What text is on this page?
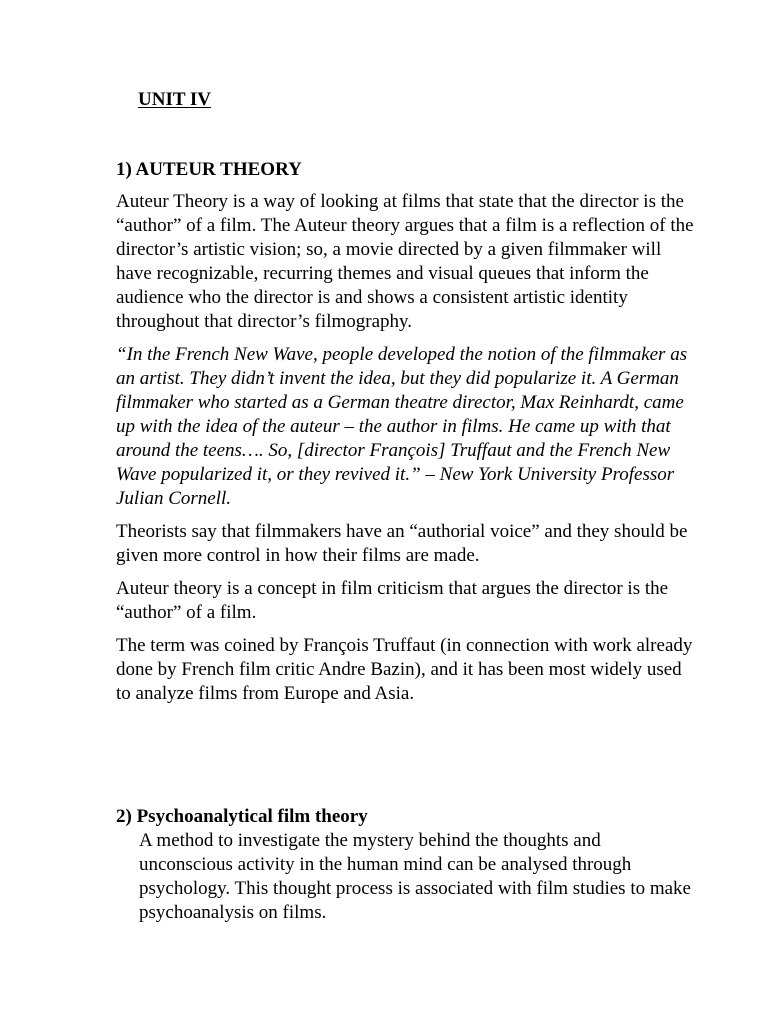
UNIT IV
1) AUTEUR THEORY

Auteur Theory is a way of looking at films that state that the director is the “author” of a film. The Auteur theory argues that a film is a reflection of the director’s artistic vision; so, a movie directed by a given filmmaker will have recognizable, recurring themes and visual queues that inform the audience who the director is and shows a consistent artistic identity throughout that director’s filmography.

“In the French New Wave, people developed the notion of the filmmaker as an artist. They didn’t invent the idea, but they did popularize it. A German filmmaker who started as a German theatre director, Max Reinhardt, came up with the idea of the auteur – the author in films. He came up with that around the teens…. So, [director François] Truffaut and the French New Wave popularized it, or they revived it.” – New York University Professor Julian Cornell.

Theorists say that filmmakers have an “authorial voice” and they should be given more control in how their films are made.

Auteur theory is a concept in film criticism that argues the director is the “author” of a film.

The term was coined by François Truffaut (in connection with work already done by French film critic Andre Bazin), and it has been most widely used to analyze films from Europe and Asia.

2) Psychoanalytical film theory

A method to investigate the mystery behind the thoughts and unconscious activity in the human mind can be analysed through psychology. This thought process is associated with film studies to make psychoanalysis on films.
